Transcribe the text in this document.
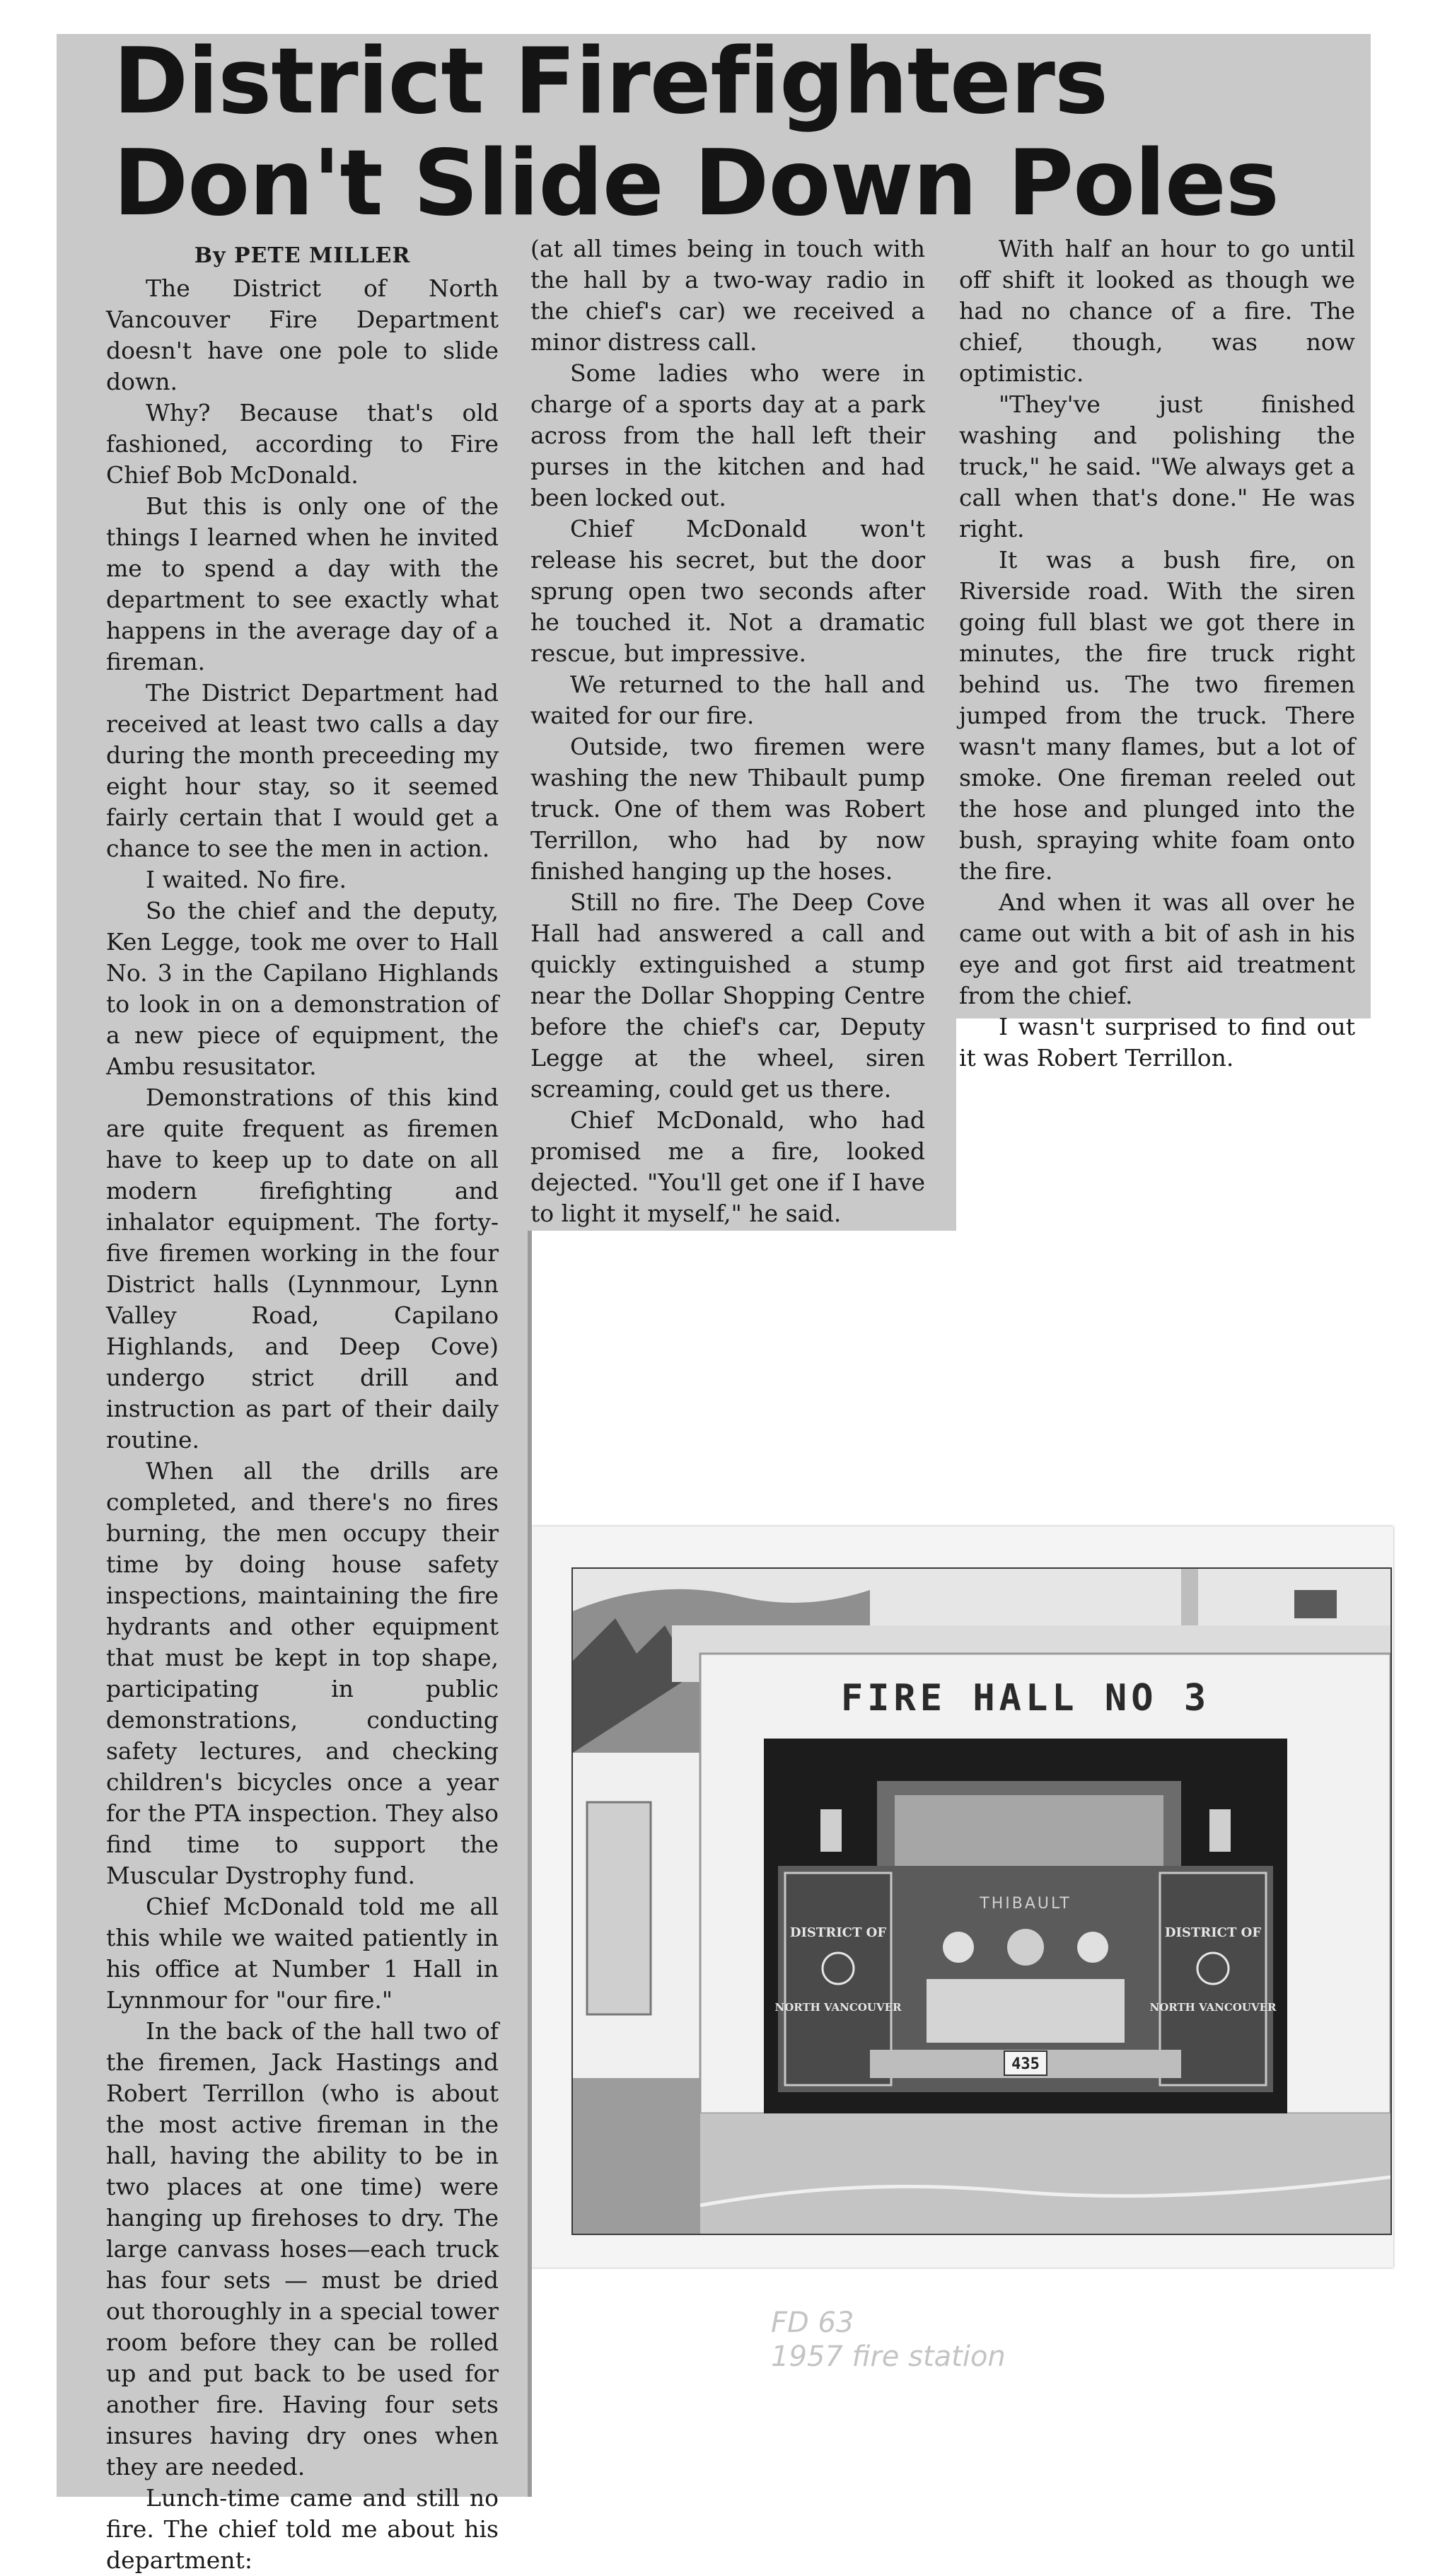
District Firefighters
Don't Slide Down Poles
By PETE MILLER

The District of North Vancouver Fire Department doesn't have one pole to slide down.

Why? Because that's old fashioned, according to Fire Chief Bob McDonald.

But this is only one of the things I learned when he invited me to spend a day with the department to see exactly what happens in the average day of a fireman.

The District Department had received at least two calls a day during the month preceeding my eight hour stay, so it seemed fairly certain that I would get a chance to see the men in action.

I waited. No fire.

So the chief and the deputy, Ken Legge, took me over to Hall No. 3 in the Capilano Highlands to look in on a demonstration of a new piece of equipment, the Ambu resusitator.

Demonstrations of this kind are quite frequent as firemen have to keep up to date on all modern firefighting and inhalator equipment. The forty-five firemen working in the four District halls (Lynnmour, Lynn Valley Road, Capilano Highlands, and Deep Cove) undergo strict drill and instruction as part of their daily routine.

When all the drills are completed, and there's no fires burning, the men occupy their time by doing house safety inspections, maintaining the fire hydrants and other equipment that must be kept in top shape, participating in public demonstrations, conducting safety lectures, and checking children's bicycles once a year for the PTA inspection. They also find time to support the Muscular Dystrophy fund.

Chief McDonald told me all this while we waited patiently in his office at Number 1 Hall in Lynnmour for "our fire."

In the back of the hall two of the firemen, Jack Hastings and Robert Terrillon (who is about the most active fireman in the hall, having the ability to be in two places at one time) were hanging up firehoses to dry. The large canvass hoses—each truck has four sets — must be dried out thoroughly in a special tower room before they can be rolled up and put back to be used for another fire. Having four sets insures having dry ones when they are needed.

Lunch-time came and still no fire. The chief told me about his department:

(at all times being in touch with the hall by a two-way radio in the chief's car) we received a minor distress call.

Some ladies who were in charge of a sports day at a park across from the hall left their purses in the kitchen and had been locked out.

Chief McDonald won't release his secret, but the door sprung open two seconds after he touched it. Not a dramatic rescue, but impressive.

We returned to the hall and waited for our fire.

Outside, two firemen were washing the new Thibault pump truck. One of them was Robert Terrillon, who had by now finished hanging up the hoses.

Still no fire. The Deep Cove Hall had answered a call and quickly extinguished a stump near the Dollar Shopping Centre before the chief's car, Deputy Legge at the wheel, siren screaming, could get us there.

Chief McDonald, who had promised me a fire, looked dejected. "You'll get one if I have to light it myself," he said.

With half an hour to go until off shift it looked as though we had no chance of a fire. The chief, though, was now optimistic.

"They've just finished washing and polishing the truck," he said. "We always get a call when that's done." He was right.

It was a bush fire, on Riverside road. With the siren going full blast we got there in minutes, the fire truck right behind us. The two firemen jumped from the truck. There wasn't many flames, but a lot of smoke. One fireman reeled out the hose and plunged into the bush, spraying white foam onto the fire.

And when it was all over he came out with a bit of ash in his eye and got first aid treatment from the chief.

I wasn't surprised to find out it was Robert Terrillon.

FIRE HALL NO 3
DISTRICT OF
NORTH VANCOUVER
DISTRICT OF
NORTH VANCOUVER
THIBAULT
435
FD 63
1957 fire station
